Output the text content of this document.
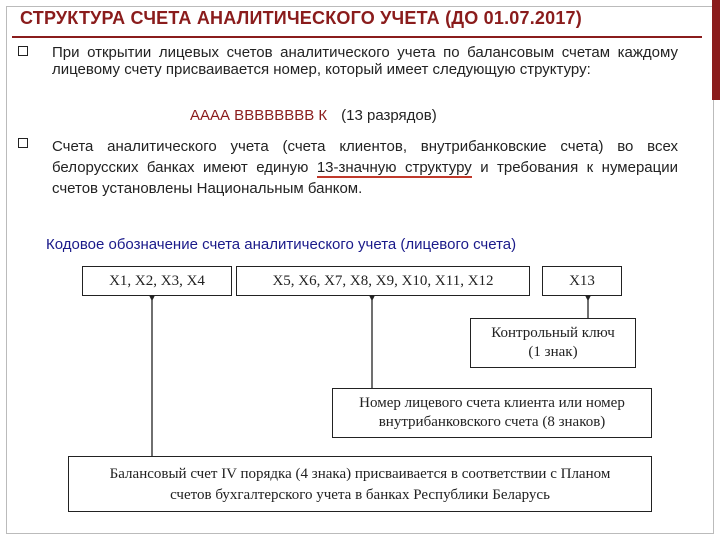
СТРУКТУРА СЧЕТА АНАЛИТИЧЕСКОГО УЧЕТА (ДО 01.07.2017)
При открытии лицевых счетов аналитического учета по балансовым счетам каждому лицевому счету присваивается номер, который имеет следующую структуру:
АААА ВВВВВВВВ К (13 разрядов)
Счета аналитического учета (счета клиентов, внутрибанковские счета) во всех белорусских банках имеют единую 13-значную структуру и требования к нумерации счетов установлены Национальным банком.
Кодовое обозначение счета аналитического учета (лицевого счета)
X1, X2, X3, X4	X5, X6, X7, X8, X9, X10, X11, X12	X13
Контрольный ключ
(1 знак)
Номер лицевого счета клиента или номер
внутрибанковского счета (8 знаков)
Балансовый счет IV порядка (4 знака) присваивается в соответствии с Планом
счетов бухгалтерского учета в банках Республики Беларусь
